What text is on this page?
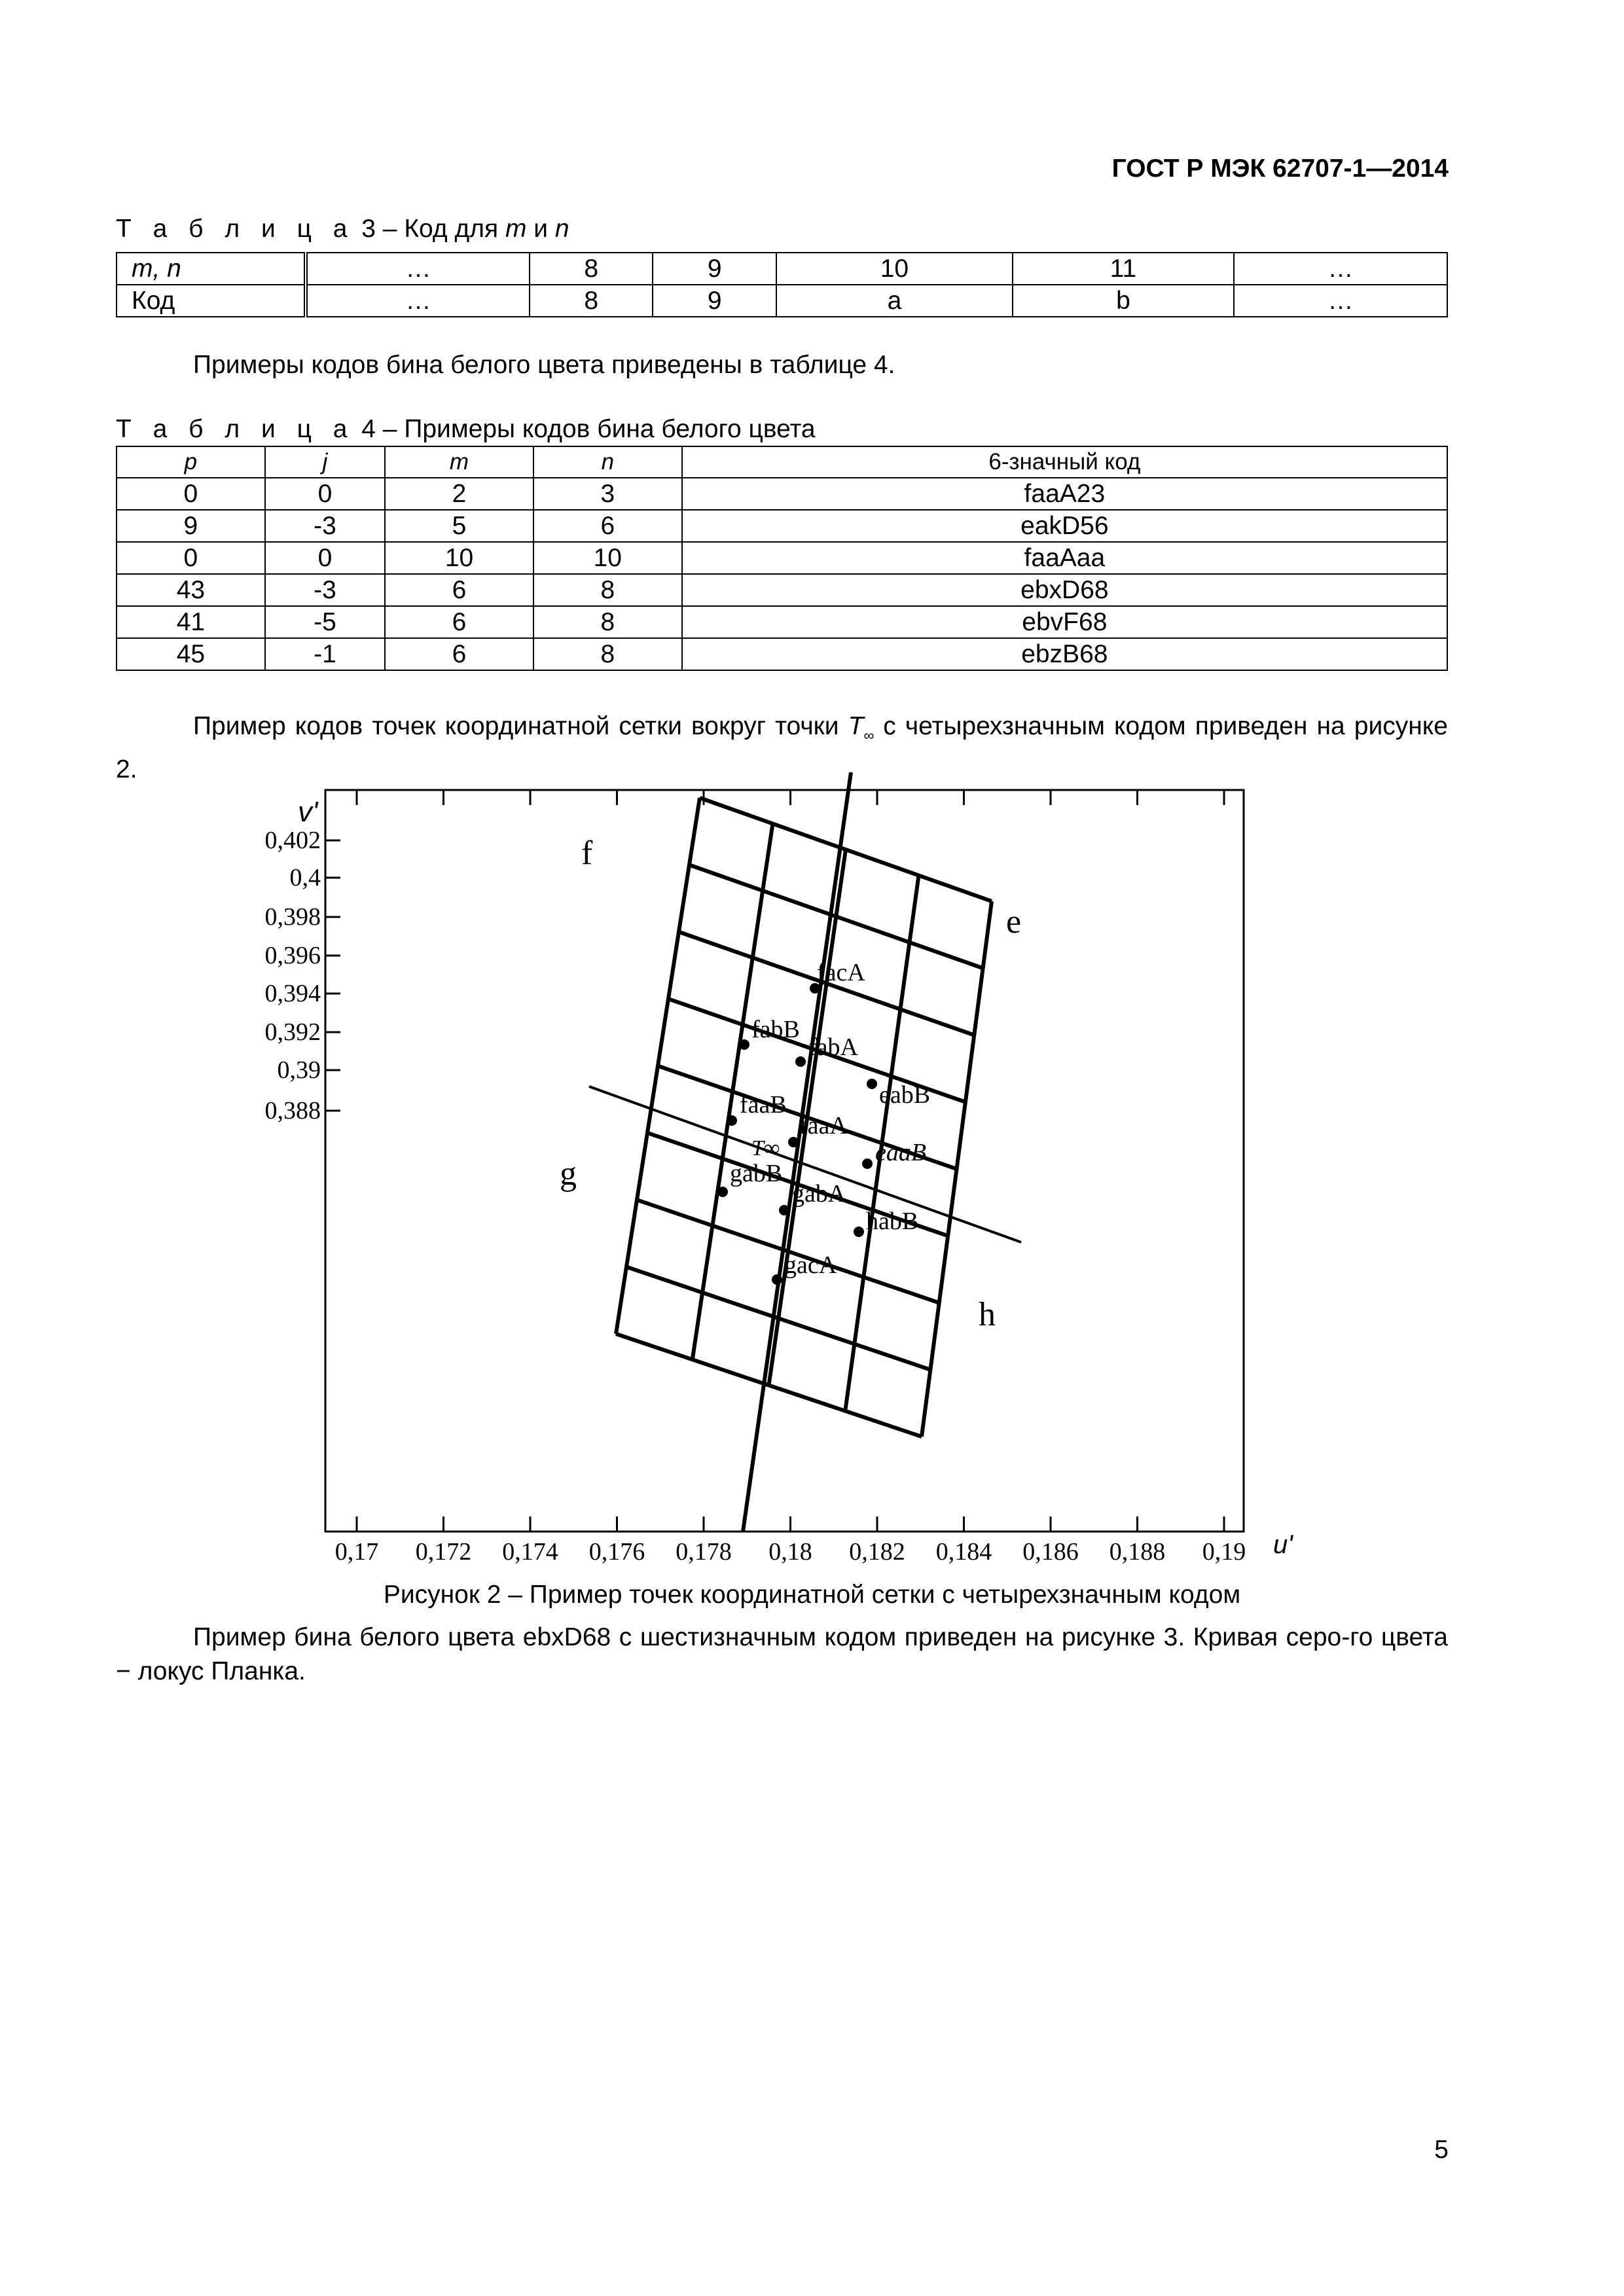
ГОСТ Р МЭК 62707-1—2014
Т а б л и ц а 3 – Код для m и n
m, n	…	8	9	10	11	…
Код	…	8	9	a	b	…
Примеры кодов бина белого цвета приведены в таблице 4.
Т а б л и ц а 4 – Примеры кодов бина белого цвета
p	j	m	n	6-значный код
0	0	2	3	faaA23
9	-3	5	6	eakD56
0	0	10	10	faaAaa
43	-3	6	8	ebxD68
41	-5	6	8	ebvF68
45	-1	6	8	ebzB68
Пример кодов точек координатной сетки вокруг точки $T_\infty$ с четырехзначным кодом приведен на рисунке 2.
0,402
0,4
0,398
0,396
0,394
0,392
0,39
0,388
0,17 0,172 0,174 0,176 0,178 0,18 0,182 0,184 0,186 0,188 0,19
facA
fabB
fabA
eabB
faaB
faaA
eaaB
gabB
gabA
habB
gacA
T∞
f
e
g
h
v'
u'
Рисунок 2 – Пример точек координатной сетки с четырехзначным кодом
Пример бина белого цвета ebxD68 с шестизначным кодом приведен на рисунке 3. Кривая серо-го цвета − локус Планка.
5
